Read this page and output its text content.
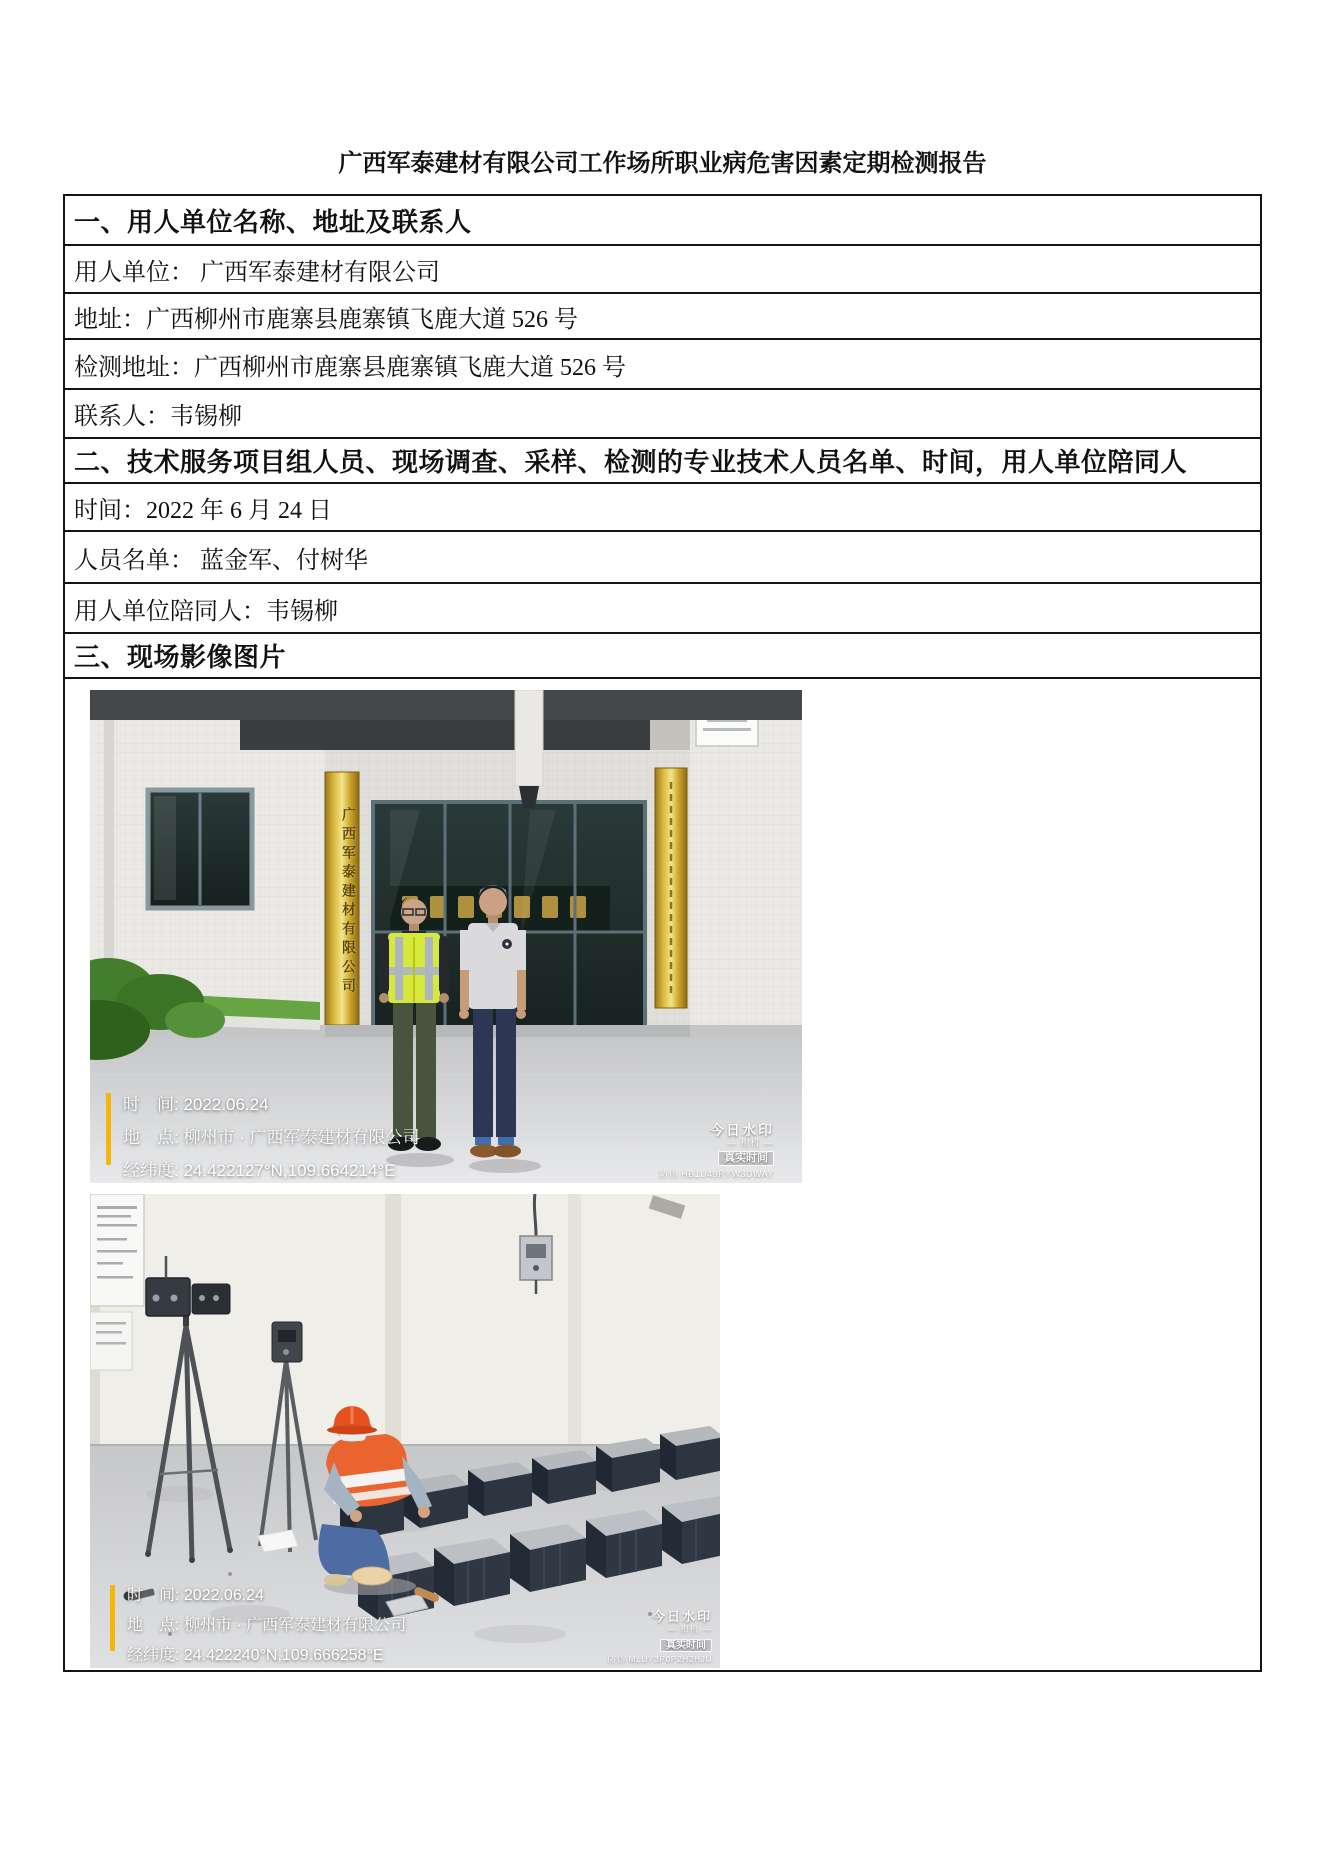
广西军泰建材有限公司工作场所职业病危害因素定期检测报告
一、用人单位名称、地址及联系人
用人单位： 广西军泰建材有限公司
地址：广西柳州市鹿寨县鹿寨镇飞鹿大道 526 号
检测地址：广西柳州市鹿寨县鹿寨镇飞鹿大道 526 号
联系人：韦锡柳
二、技术服务项目组人员、现场调查、采样、检测的专业技术人员名单、时间，用人单位陪同人
时间：2022 年 6 月 24 日
人员名单： 蓝金军、付树华
用人单位陪同人：韦锡柳
三、现场影像图片
广西军泰建材有限公司
时　间: 2022.06.24
地　点: 柳州市 · 广西军泰建材有限公司
经纬度: 24.422127°N,109.664214°E
今日水印
— 相机 —
真实时间
防伪 HB1U49RYW3DWAY
时　间: 2022.06.24
地　点: 柳州市 · 广西军泰建材有限公司
经纬度: 24.422240°N,109.666258°E
今日水印
— 相机 —
真实时间
防伪 MLUY3P0P2H2HJU
